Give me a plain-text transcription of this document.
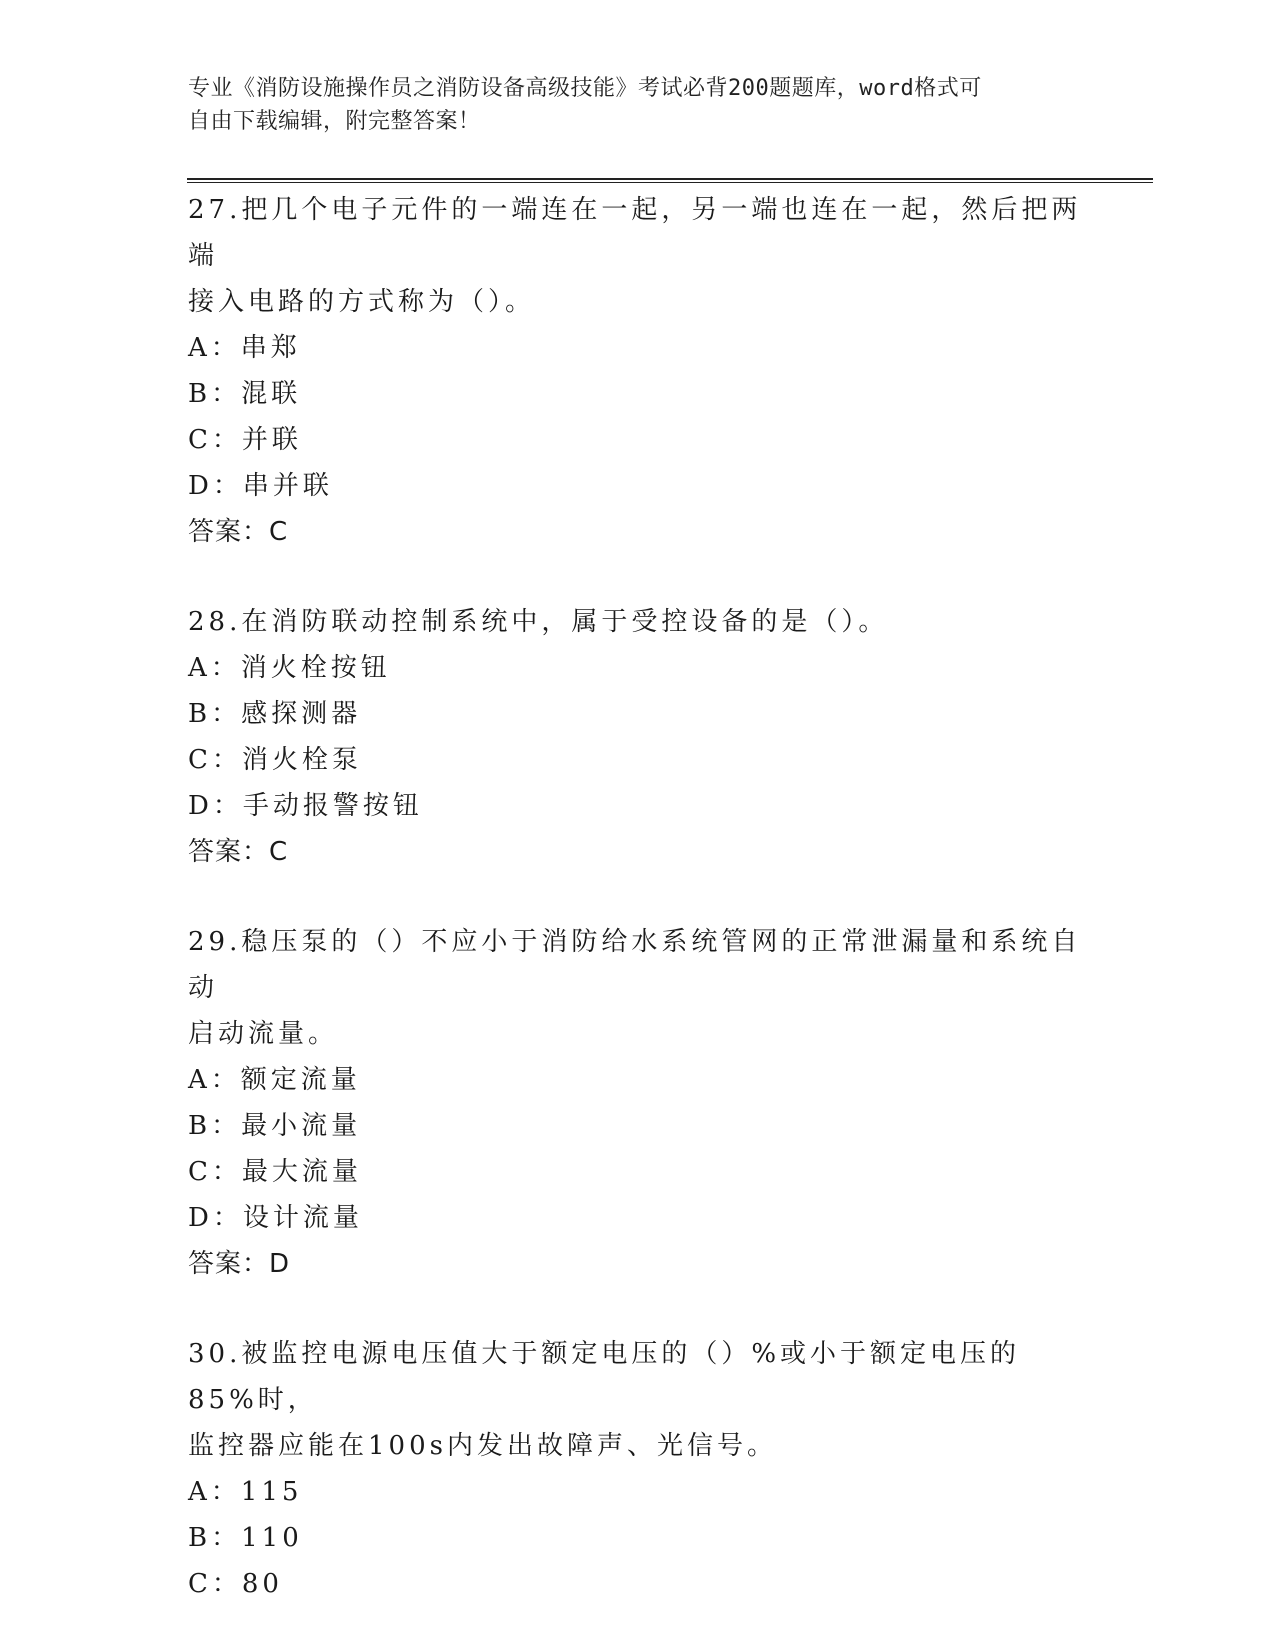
专业《消防设施操作员之消防设备高级技能》考试必背200题题库，word格式可
自由下载编辑，附完整答案！

27.把几个电子元件的一端连在一起，另一端也连在一起，然后把两端

接入电路的方式称为（）。

A：串郑

B：混联

C：并联

D：串并联

答案：C

28.在消防联动控制系统中，属于受控设备的是（）。

A：消火栓按钮

B：感探测器

C：消火栓泵

D：手动报警按钮

答案：C

29.稳压泵的（）不应小于消防给水系统管网的正常泄漏量和系统自动

启动流量。

A：额定流量

B：最小流量

C：最大流量

D：设计流量

答案：D

30.被监控电源电压值大于额定电压的（）%或小于额定电压的85%时，

监控器应能在100s内发出故障声、光信号。

A：115

B：110

C：80
